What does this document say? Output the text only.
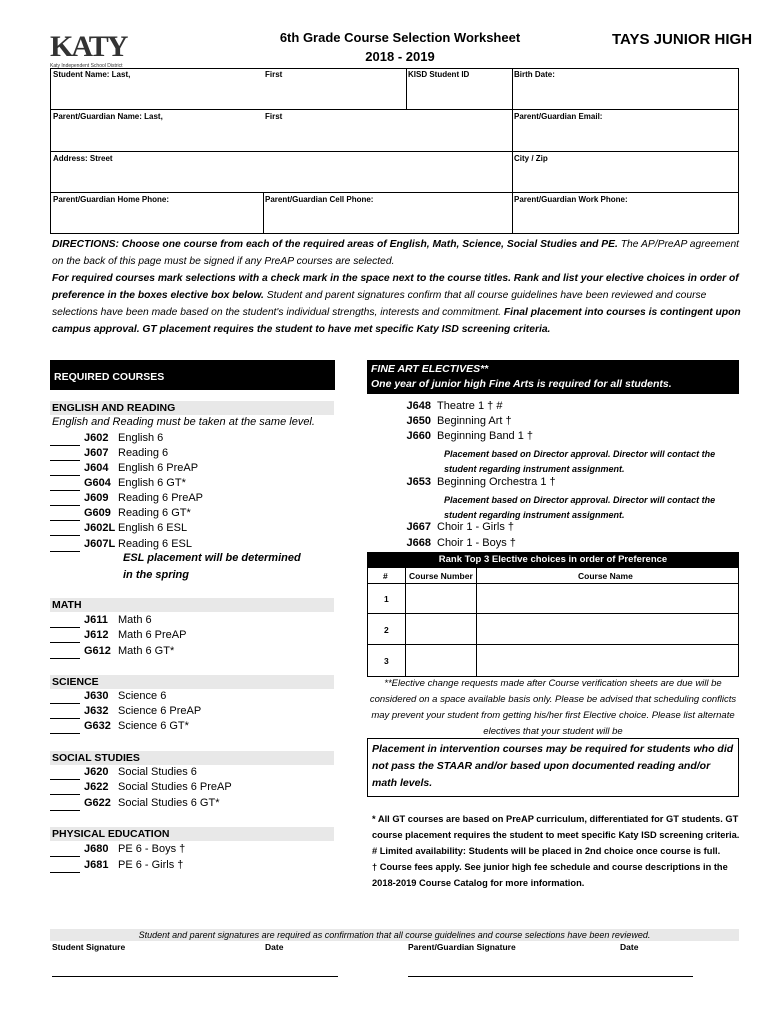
KATY
Katy Independent School District
6th Grade Course Selection Worksheet
2018 - 2019
TAYS JUNIOR HIGH
Student Name: Last,	First	KISD Student ID	Birth Date:
Parent/Guardian Name: Last,	First	Parent/Guardian Email:
Address: Street	City / Zip
Parent/Guardian Home Phone:	Parent/Guardian Cell Phone:	Parent/Guardian Work Phone:
DIRECTIONS: Choose one course from each of the required areas of English, Math, Science, Social Studies and PE. The AP/PreAP agreement on the back of this page must be signed if any PreAP courses are selected.
For required courses mark selections with a check mark in the space next to the course titles. Rank and list your elective choices in order of preference in the boxes elective box below. Student and parent signatures confirm that all course guidelines have been reviewed and course selections have been made based on the student's individual strengths, interests and commitment. Final placement into courses is contingent upon campus approval. GT placement requires the student to have met specific Katy ISD screening criteria.
REQUIRED COURSES
ENGLISH AND READING
English and Reading must be taken at the same level.
ESL placement will be determined
in the spring
MATH
SCIENCE
SOCIAL STUDIES
PHYSICAL EDUCATION
J602 English 6
J607 Reading 6
J604 English 6 PreAP
G604 English 6 GT*
J609 Reading 6 PreAP
G609 Reading 6 GT*
J602L English 6 ESL
J607L Reading 6 ESL
J611 Math 6
J612 Math 6 PreAP
G612 Math 6 GT*
J630 Science 6
J632 Science 6 PreAP
G632 Science 6 GT*
J620 Social Studies 6
J622 Social Studies 6 PreAP
G622 Social Studies 6 GT*
J680 PE 6 - Boys †
J681 PE 6 - Girls †
FINE ART ELECTIVES**
One year of junior high Fine Arts is required for all students.
J648 Theatre 1 † #
J650 Beginning Art †
J660 Beginning Band 1 †
J653 Beginning Orchestra 1 †
J667 Choir 1 - Girls †
J668 Choir 1 - Boys †
Placement based on Director approval. Director will contact the student regarding instrument assignment.
Placement based on Director approval. Director will contact the student regarding instrument assignment.
Rank Top 3 Elective choices in order of Preference
#	Course Number	Course Name
1
2
3
**Elective change requests made after Course verification sheets are due will be considered on a space available basis only. Please be advised that scheduling conflicts may prevent your student from getting his/her first Elective choice. Please list alternate electives that your student will be
Placement in intervention courses may be required for students who did not pass the STAAR and/or based upon documented reading and/or math levels.
* All GT courses are based on PreAP curriculum, differentiated for GT students. GT course placement requires the student to meet specific Katy ISD screening criteria.
# Limited availability: Students will be placed in 2nd choice once course is full.
† Course fees apply. See junior high fee schedule and course descriptions in the 2018-2019 Course Catalog for more information.
Student and parent signatures are required as confirmation that all course guidelines and course selections have been reviewed.
Student Signature	Date	Parent/Guardian Signature	Date
